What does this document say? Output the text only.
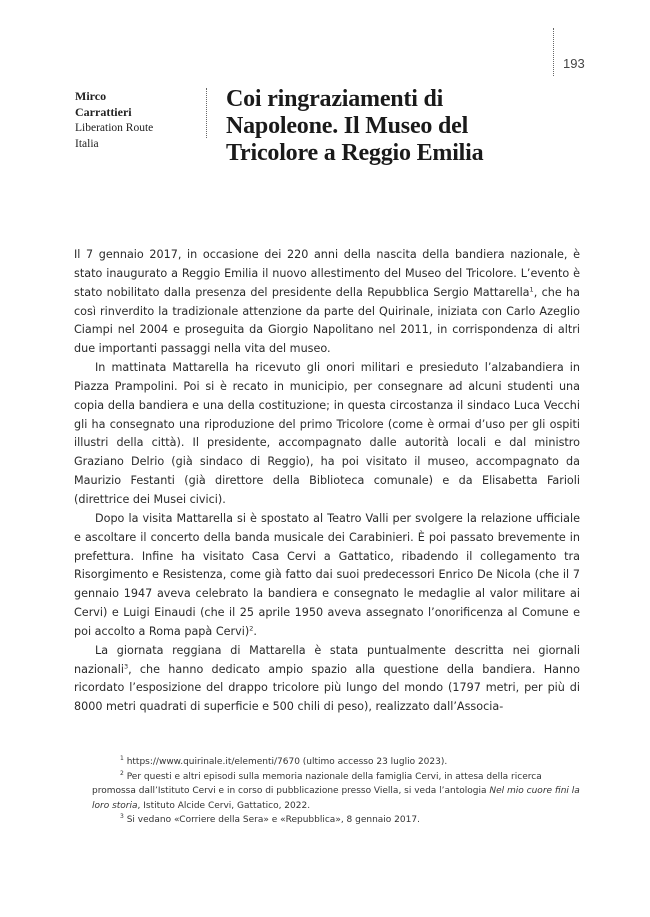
193
Mirco
Carrattieri
Liberation Route
Italia
Coi ringraziamenti di
Napoleone. Il Museo del
Tricolore a Reggio Emilia

Il 7 gennaio 2017, in occasione dei 220 anni della nascita della bandiera nazionale, è stato inaugurato a Reggio Emilia il nuovo allestimento del Museo del Tricolore. L’evento è stato nobilitato dalla presenza del presidente della Repubblica Sergio Mattarella$^1$, che ha così rinverdito la tradizionale attenzione da parte del Quirinale, iniziata con Carlo Azeglio Ciampi nel 2004 e proseguita da Giorgio Napolitano nel 2011, in corrispondenza di altri due importanti passaggi nella vita del museo.

In mattinata Mattarella ha ricevuto gli onori militari e presieduto l’alzabandiera in Piazza Prampolini. Poi si è recato in municipio, per consegnare ad alcuni studenti una copia della bandiera e una della costituzione; in questa circostanza il sindaco Luca Vecchi gli ha consegnato una riproduzione del primo Tricolore (come è ormai d’uso per gli ospiti illustri della città). Il presidente, accompagnato dalle autorità locali e dal ministro Graziano Delrio (già sindaco di Reggio), ha poi visitato il museo, accompagnato da Maurizio Festanti (già direttore della Biblioteca comunale) e da Elisabetta Farioli (direttrice dei Musei civici).

Dopo la visita Mattarella si è spostato al Teatro Valli per svolgere la relazione ufficiale e ascoltare il concerto della banda musicale dei Carabinieri. È poi passato brevemente in prefettura. Infine ha visitato Casa Cervi a Gattatico, ribadendo il collegamento tra Risorgimento e Resistenza, come già fatto dai suoi predecessori Enrico De Nicola (che il 7 gennaio 1947 aveva celebrato la bandiera e consegnato le medaglie al valor militare ai Cervi) e Luigi Einaudi (che il 25 aprile 1950 aveva assegnato l’onorificenza al Comune e poi accolto a Roma papà Cervi)$^2$.

La giornata reggiana di Mattarella è stata puntualmente descritta nei giornali nazionali$^3$, che hanno dedicato ampio spazio alla questione della bandiera. Hanno ricordato l’esposizione del drappo tricolore più lungo del mondo (1797 metri, per più di 8000 metri quadrati di superficie e 500 chili di peso), realizzato dall’Associa-

$^1$ https://www.quirinale.it/elementi/7670 (ultimo accesso 23 luglio 2023).

$^2$ Per questi e altri episodi sulla memoria nazionale della famiglia Cervi, in attesa della ricerca promossa dall’Istituto Cervi e in corso di pubblicazione presso Viella, si veda l’antologia Nel mio cuore fini la loro storia, Istituto Alcide Cervi, Gattatico, 2022.

$^3$ Si vedano «Corriere della Sera» e «Repubblica», 8 gennaio 2017.
